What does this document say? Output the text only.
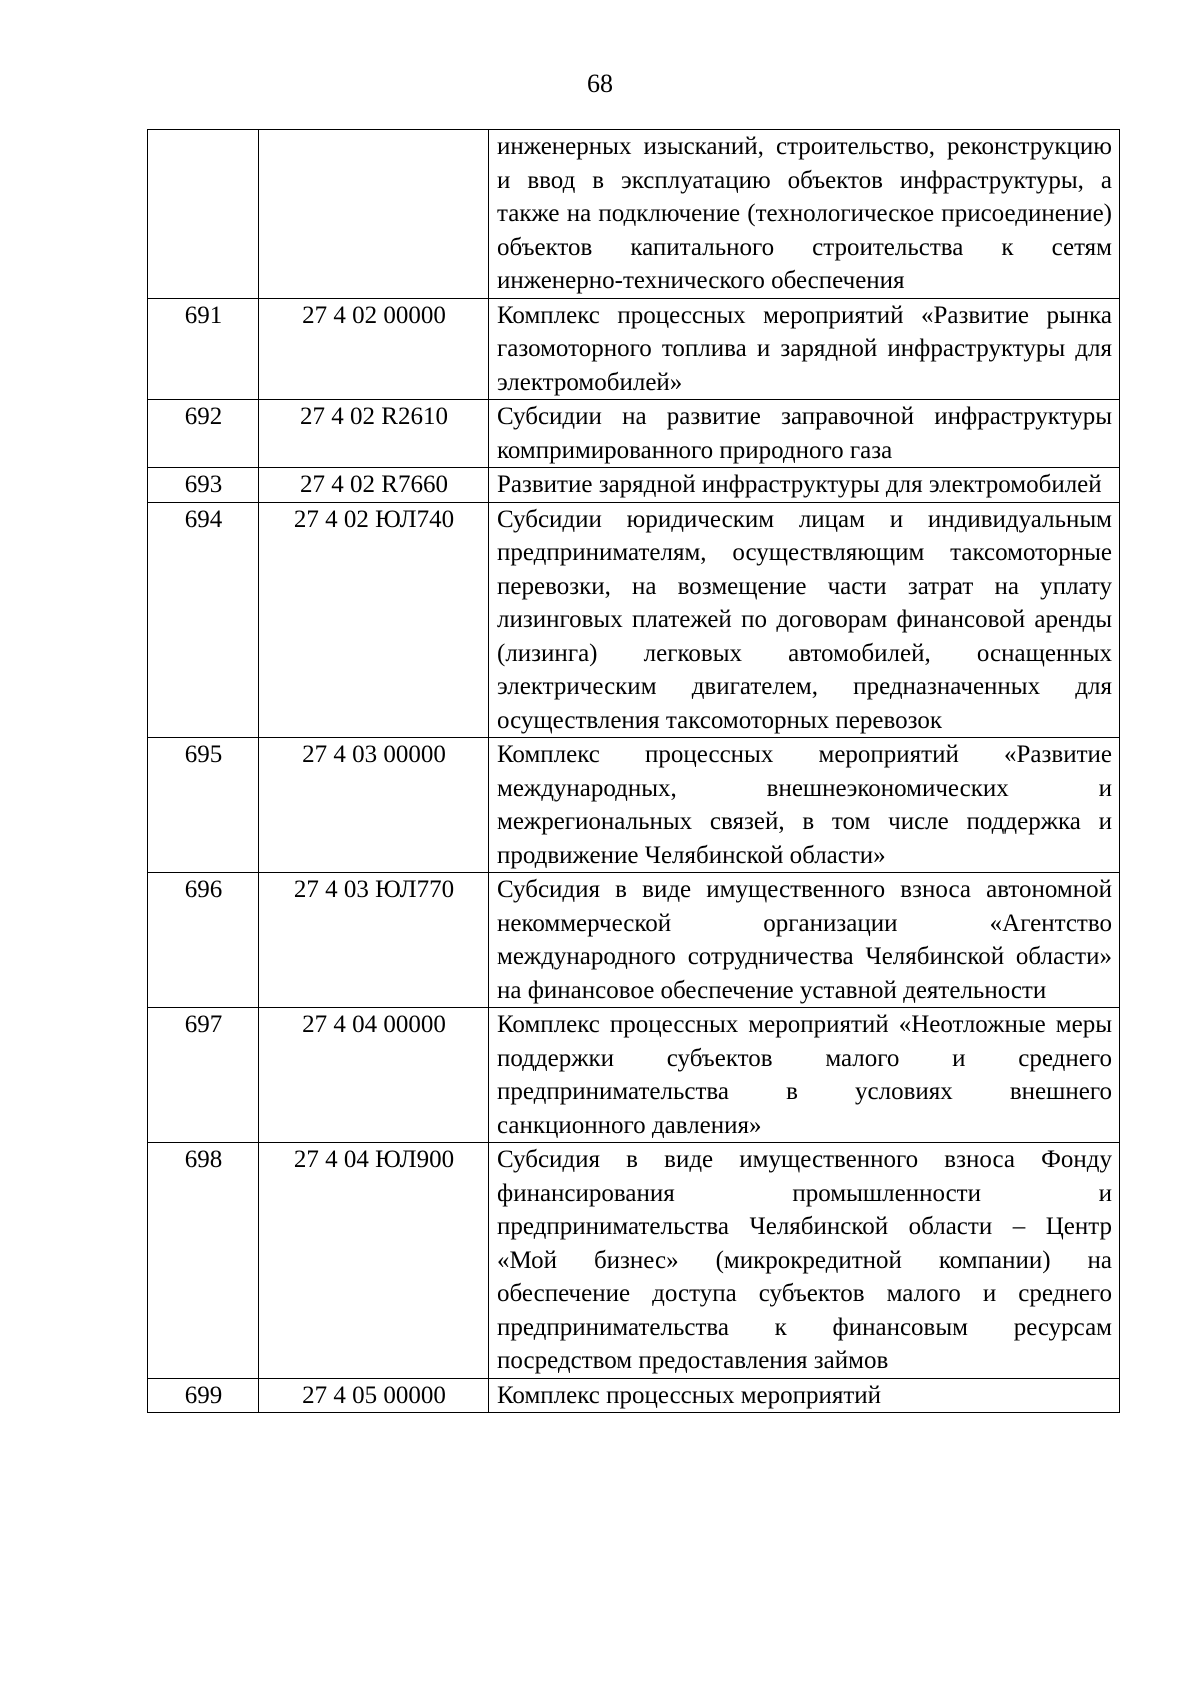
68
		инженерных изысканий, строительство, реконструкцию и ввод в эксплуатацию объектов инфраструктуры, а также на подключение (технологическое присоединение) объектов капитального строительства к сетям инженерно-технического обеспечения
691	27 4 02 00000	Комплекс процессных мероприятий «Развитие рынка газомоторного топлива и зарядной инфраструктуры для электромобилей»
692	27 4 02 R2610	Субсидии на развитие заправочной инфраструктуры компримированного природного газа
693	27 4 02 R7660	Развитие зарядной инфраструктуры для электромобилей
694	27 4 02 ЮЛ740	Субсидии юридическим лицам и индивидуальным предпринимателям, осуществляющим таксомоторные перевозки, на возмещение части затрат на уплату лизинговых платежей по договорам финансовой аренды (лизинга) легковых автомобилей, оснащенных электрическим двигателем, предназначенных для осуществления таксомоторных перевозок
695	27 4 03 00000	Комплекс процессных мероприятий «Развитие международных, внешнеэкономических и межрегиональных связей, в том числе поддержка и продвижение Челябинской области»
696	27 4 03 ЮЛ770	Субсидия в виде имущественного взноса автономной некоммерческой организации «Агентство международного сотрудничества Челябинской области» на финансовое обеспечение уставной деятельности
697	27 4 04 00000	Комплекс процессных мероприятий «Неотложные меры поддержки субъектов малого и среднего предпринимательства в условиях внешнего санкционного давления»
698	27 4 04 ЮЛ900	Субсидия в виде имущественного взноса Фонду финансирования промышленности и предпринимательства Челябинской области – Центр «Мой бизнес» (микрокредитной компании) на обеспечение доступа субъектов малого и среднего предпринимательства к финансовым ресурсам посредством предоставления займов
699	27 4 05 00000	Комплекс процессных мероприятий
